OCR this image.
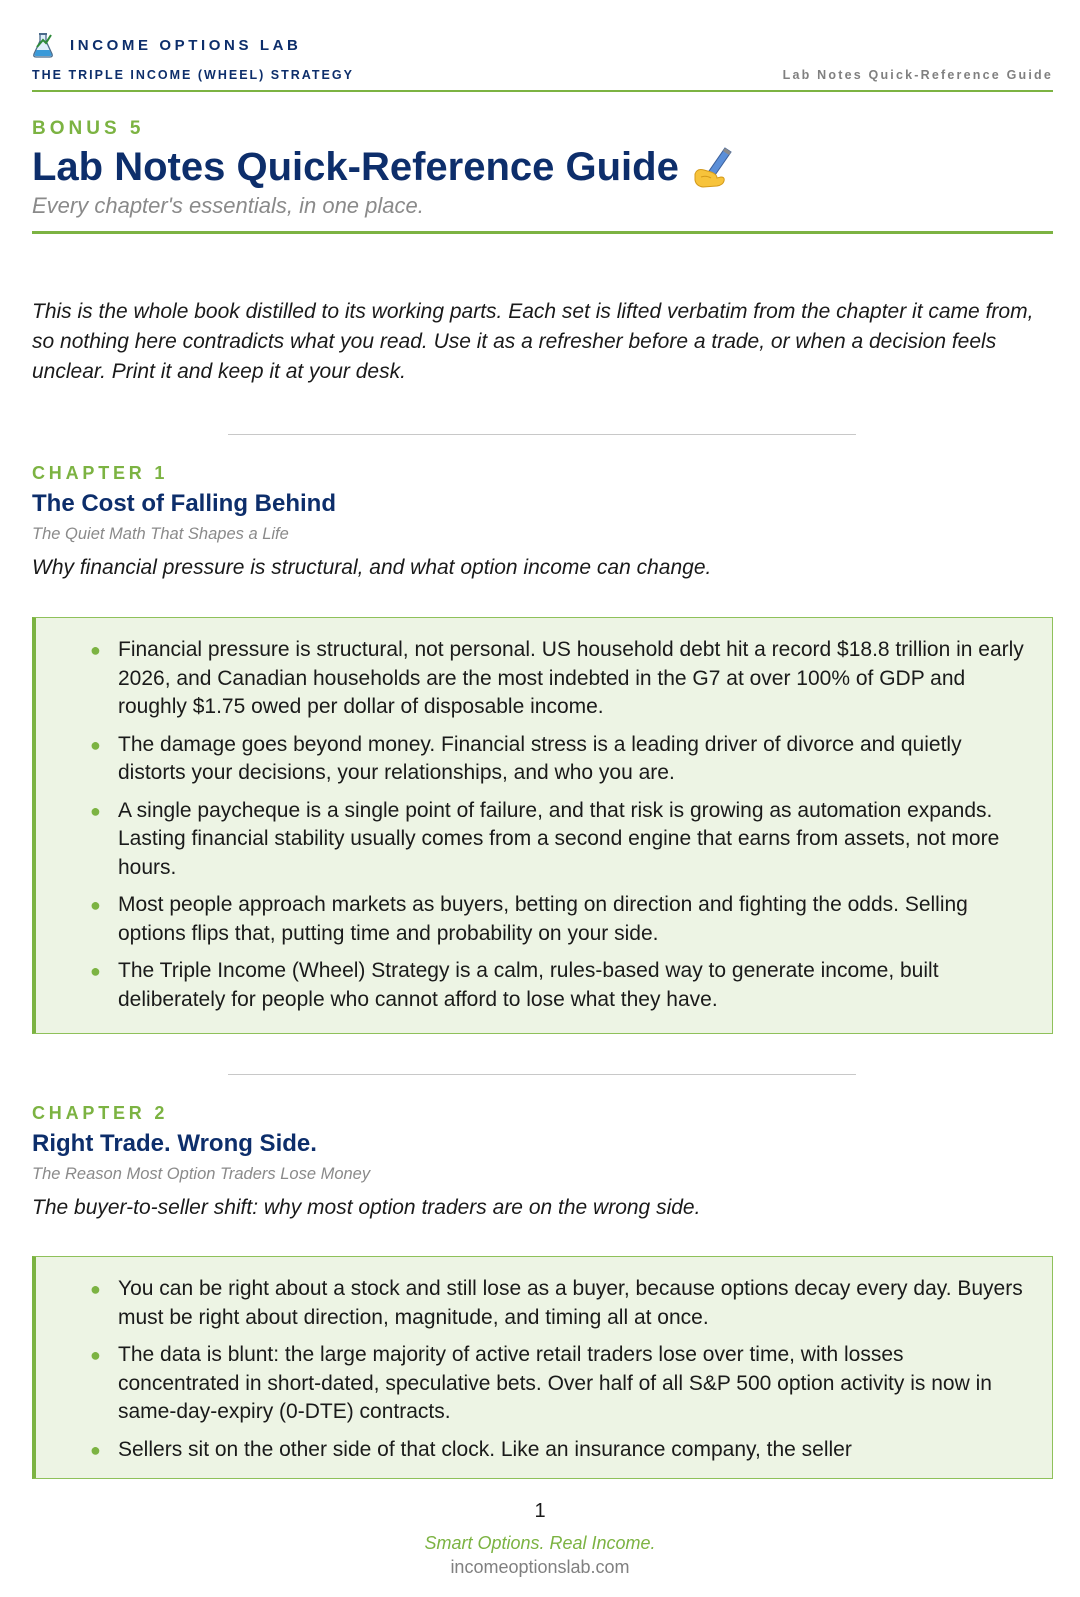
INCOME OPTIONS LAB
THE TRIPLE INCOME (WHEEL) STRATEGY	Lab Notes Quick-Reference Guide
BONUS 5
Lab Notes Quick-Reference Guide
Every chapter's essentials, in one place.
This is the whole book distilled to its working parts. Each set is lifted verbatim from the chapter it came from, so nothing here contradicts what you read. Use it as a refresher before a trade, or when a decision feels unclear. Print it and keep it at your desk.
CHAPTER 1
The Cost of Falling Behind
The Quiet Math That Shapes a Life
Why financial pressure is structural, and what option income can change.
● Financial pressure is structural, not personal. US household debt hit a record $18.8 trillion in early 2026, and Canadian households are the most indebted in the G7 at over 100% of GDP and roughly $1.75 owed per dollar of disposable income.
● The damage goes beyond money. Financial stress is a leading driver of divorce and quietly distorts your decisions, your relationships, and who you are.
● A single paycheque is a single point of failure, and that risk is growing as automation expands. Lasting financial stability usually comes from a second engine that earns from assets, not more hours.
● Most people approach markets as buyers, betting on direction and fighting the odds. Selling options flips that, putting time and probability on your side.
● The Triple Income (Wheel) Strategy is a calm, rules-based way to generate income, built deliberately for people who cannot afford to lose what they have.
CHAPTER 2
Right Trade. Wrong Side.
The Reason Most Option Traders Lose Money
The buyer-to-seller shift: why most option traders are on the wrong side.
● You can be right about a stock and still lose as a buyer, because options decay every day. Buyers must be right about direction, magnitude, and timing all at once.
● The data is blunt: the large majority of active retail traders lose over time, with losses concentrated in short-dated, speculative bets. Over half of all S&P 500 option activity is now in same-day-expiry (0-DTE) contracts.
● Sellers sit on the other side of that clock. Like an insurance company, the seller
1
Smart Options. Real Income.
incomeoptionslab.com
